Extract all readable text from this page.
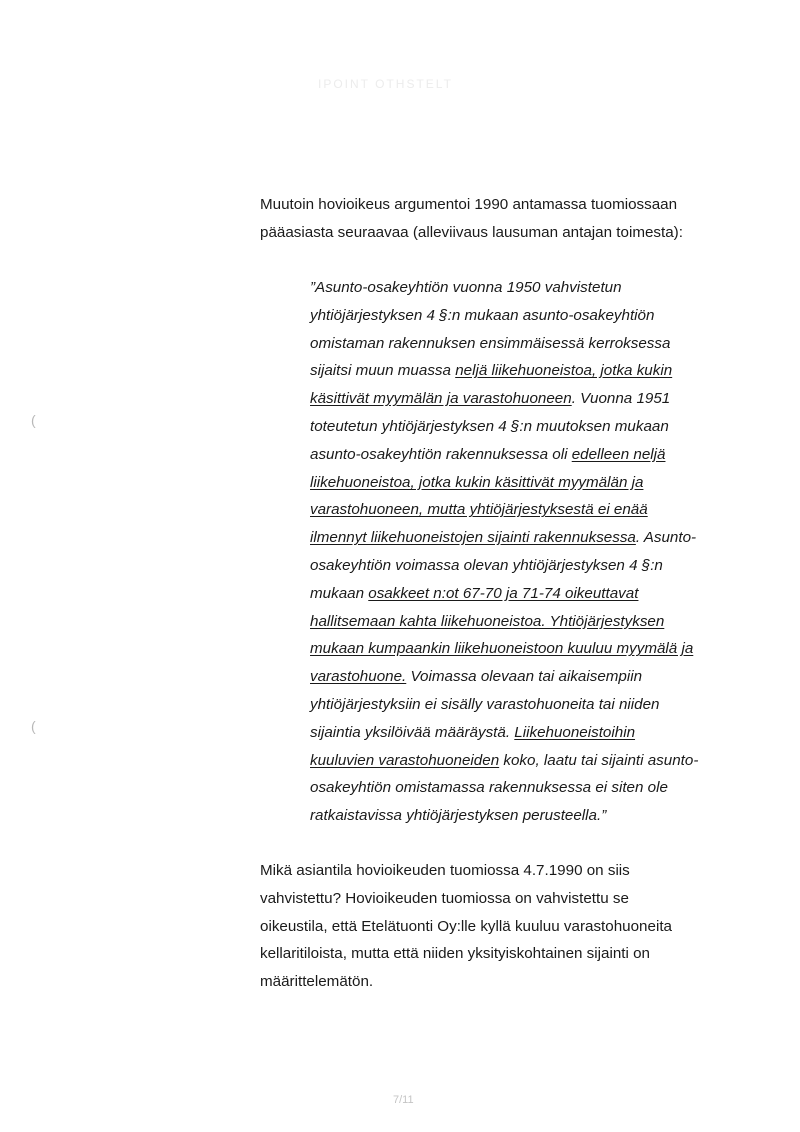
IPOINT OTHSTELT
(
(

Muutoin hovioikeus argumentoi 1990 antamassa tuomiossaan pääasiasta seuraavaa (alleviivaus lausuman antajan toimesta):

”Asunto-osakeyhtiön vuonna 1950 vahvistetun yhtiöjärjestyksen 4 §:n mukaan asunto-osakeyhtiön omistaman rakennuksen ensimmäisessä kerroksessa sijaitsi muun muassa neljä liikehuoneistoa, jotka kukin käsittivät myymälän ja varastohuoneen. Vuonna 1951 toteutetun yhtiöjärjestyksen 4 §:n muutoksen mukaan asunto-osakeyhtiön rakennuksessa oli edelleen neljä liikehuoneistoa, jotka kukin käsittivät myymälän ja varastohuoneen, mutta yhtiöjärjestyksestä ei enää ilmennyt liikehuoneistojen sijainti rakennuksessa. Asunto-osakeyhtiön voimassa olevan yhtiöjärjestyksen 4 §:n mukaan osakkeet n:ot 67-70 ja 71-74 oikeuttavat hallitsemaan kahta liikehuoneistoa. Yhtiöjärjestyksen mukaan kumpaankin liikehuoneistoon kuuluu myymälä ja varastohuone. Voimassa olevaan tai aikaisempiin yhtiöjärjestyksiin ei sisälly varastohuoneita tai niiden sijaintia yksilöivää määräystä. Liikehuoneistoihin kuuluvien varastohuoneiden koko, laatu tai sijainti asunto-osakeyhtiön omistamassa rakennuksessa ei siten ole ratkaistavissa yhtiöjärjestyksen perusteella.”

Mikä asiantila hovioikeuden tuomiossa 4.7.1990 on siis vahvistettu? Hovioikeuden tuomiossa on vahvistettu se oikeustila, että Etelätuonti Oy:lle kyllä kuuluu varastohuoneita kellaritiloista, mutta että niiden yksityiskohtainen sijainti on määrittelemätön.

7/11
